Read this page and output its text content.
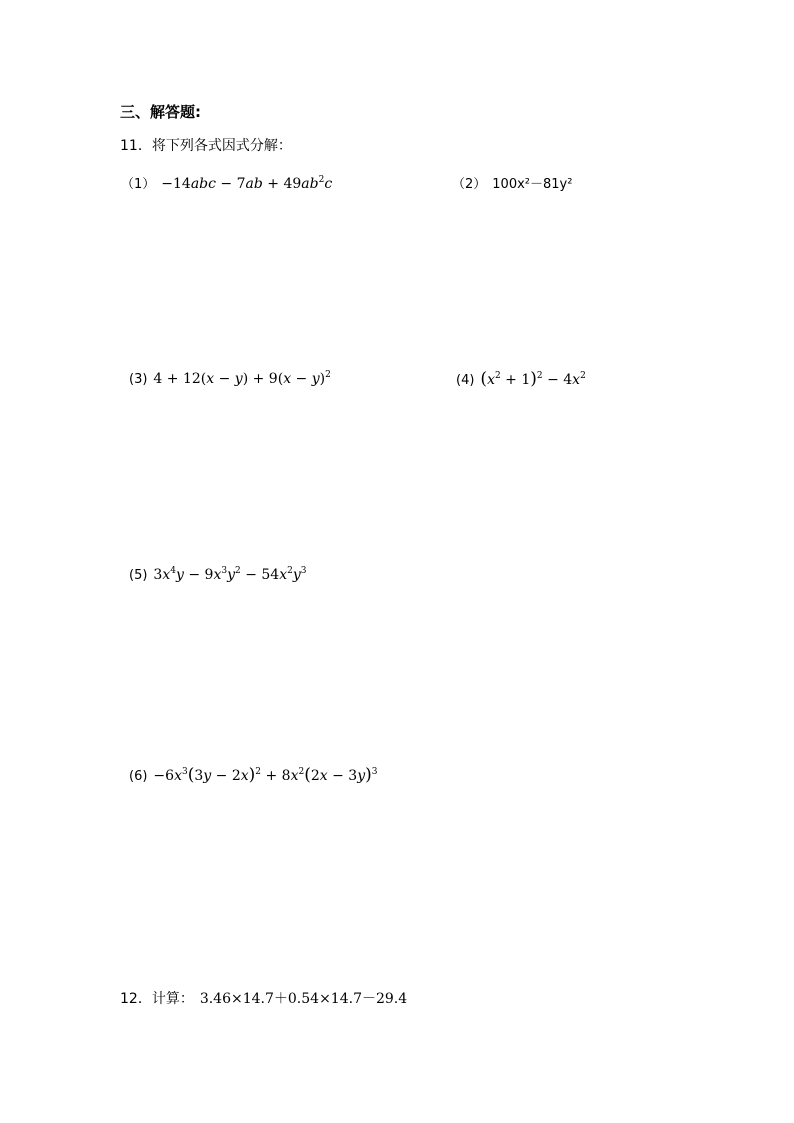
三、解答题:
11．将下列各式因式分解：
$(1) -14abc - 7ab + 49ab^2c$	（2） 100x²－81y²
(3) $4 + 12(x - y) + 9(x - y)^2$	(4) $(x^2 + 1)^2 - 4x^2$
(5) $3x^4y - 9x^3y^2 - 54x^2y^3$
$(6) -6x^3(3y - 2x)^2 + 8x^2(2x - 3y)^3$
12．计算： 3.46×14.7＋0.54×14.7－29.4
